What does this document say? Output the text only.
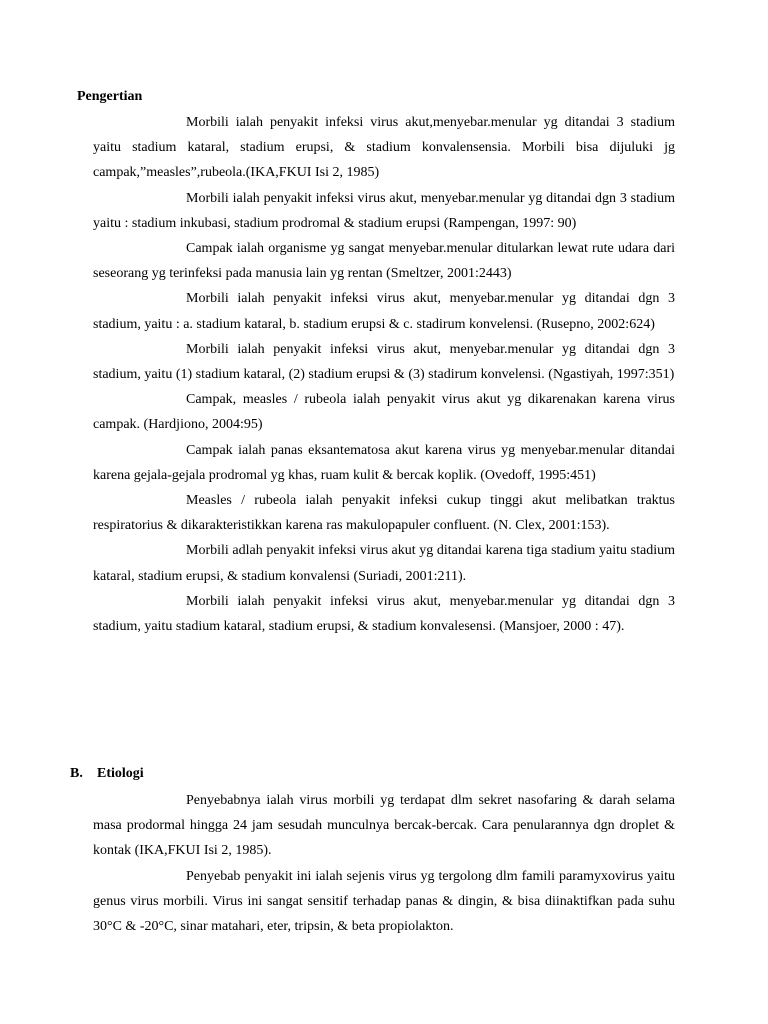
Pengertian

Morbili ialah penyakit infeksi virus akut,menyebar.menular yg ditandai 3 stadium yaitu stadium kataral, stadium erupsi, & stadium konvalensensia. Morbili bisa dijuluki jg campak,”measles”,rubeola.(IKA,FKUI Isi 2, 1985)

Morbili ialah penyakit infeksi virus akut, menyebar.menular yg ditandai dgn 3 stadium yaitu : stadium inkubasi, stadium prodromal & stadium erupsi (Rampengan, 1997: 90)

Campak ialah organisme yg sangat menyebar.menular ditularkan lewat rute udara dari seseorang yg terinfeksi pada manusia lain yg rentan (Smeltzer, 2001:2443)

Morbili ialah penyakit infeksi virus akut, menyebar.menular yg ditandai dgn 3 stadium, yaitu : a. stadium kataral, b. stadium erupsi & c. stadirum konvelensi. (Rusepno, 2002:624)

Morbili ialah penyakit infeksi virus akut, menyebar.menular yg ditandai dgn 3 stadium, yaitu (1) stadium kataral, (2) stadium erupsi & (3) stadirum konvelensi. (Ngastiyah, 1997:351)

Campak, measles / rubeola ialah penyakit virus akut yg dikarenakan karena virus campak. (Hardjiono, 2004:95)

Campak ialah panas eksantematosa akut karena virus yg menyebar.menular ditandai karena gejala-gejala prodromal yg khas, ruam kulit & bercak koplik. (Ovedoff, 1995:451)

Measles / rubeola ialah penyakit infeksi cukup tinggi akut melibatkan traktus respiratorius & dikarakteristikkan karena ras makulopapuler confluent. (N. Clex, 2001:153).

Morbili adlah penyakit infeksi virus akut yg ditandai karena tiga stadium yaitu stadium kataral, stadium erupsi, & stadium konvalensi (Suriadi, 2001:211).

Morbili ialah penyakit infeksi virus akut, menyebar.menular yg ditandai dgn 3 stadium, yaitu stadium kataral, stadium erupsi, & stadium konvalesensi. (Mansjoer, 2000 : 47).

B. Etiologi

Penyebabnya ialah virus morbili yg terdapat dlm sekret nasofaring & darah selama masa prodormal hingga 24 jam sesudah munculnya bercak-bercak. Cara penularannya dgn droplet & kontak (IKA,FKUI Isi 2, 1985).

Penyebab penyakit ini ialah sejenis virus yg tergolong dlm famili paramyxovirus yaitu genus virus morbili. Virus ini sangat sensitif terhadap panas & dingin, & bisa diinaktifkan pada suhu 30°C & -20°C, sinar matahari, eter, tripsin, & beta propiolakton.
